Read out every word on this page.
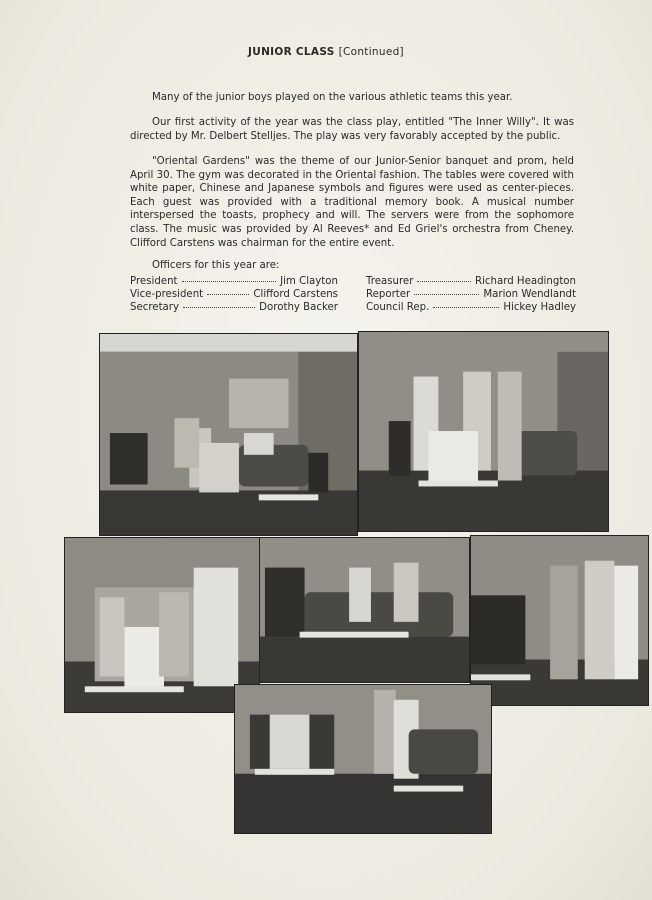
JUNIOR CLASS [Continued]

Many of the junior boys played on the various athletic teams this year.

Our first activity of the year was the class play, entitled "The Inner Willy". It was directed by Mr. Delbert Stelljes. The play was very favorably accepted by the public.

"Oriental Gardens" was the theme of our Junior-Senior banquet and prom, held April 30. The gym was decorated in the Oriental fashion. The tables were covered with white paper, Chinese and Japanese symbols and figures were used as center-pieces. Each guest was provided with a traditional memory book. A musical number interspersed the toasts, prophecy and will. The servers were from the sophomore class. The music was provided by Al Reeves* and Ed Griel's orchestra from Cheney. Clifford Carstens was chairman for the entire event.

Officers for this year are:

President	Jim Clayton
Vice-president	Clifford Carstens
Secretary	Dorothy Backer
Treasurer	Richard Headington
Reporter	Marion Wendlandt
Council Rep.	Hickey Hadley
